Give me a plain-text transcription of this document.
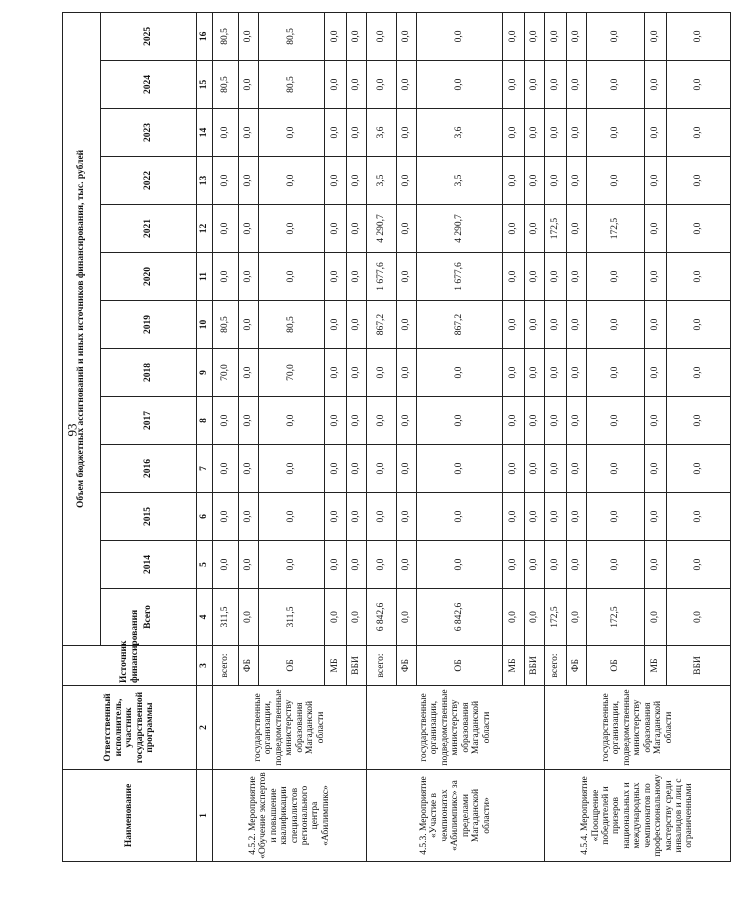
93
Наименование	Ответственный исполнитель, участник государственной программы	Источник финансирования	Объем бюджетных ассигнований и иных источников финансирования, тыс. рублей												
			Всего	2014	2015	2016	2017	2018	2019	2020	2021	2022	2023	2024	2025
1	2	3	4	5	6	7	8	9	10	11	12	13	14	15	16
4.5.2. Мероприятие «Обучение экспертов и повышение квалификации специалистов регионального центра «Абилимпикс»	государственные организации, подведомственные министерству образования Магаданской области	всего:	311,5	0,0	0,0	0,0	0,0	70,0	80,5	0,0	0,0	0,0	0,0	80,5	80,5
		ФБ	0,0	0,0	0,0	0,0	0,0	0,0	0,0	0,0	0,0	0,0	0,0	0,0	0,0
		ОБ	311,5	0,0	0,0	0,0	0,0	70,0	80,5	0,0	0,0	0,0	0,0	80,5	80,5
		МБ	0,0	0,0	0,0	0,0	0,0	0,0	0,0	0,0	0,0	0,0	0,0	0,0	0,0
		ВБИ	0,0	0,0	0,0	0,0	0,0	0,0	0,0	0,0	0,0	0,0	0,0	0,0	0,0
4.5.3. Мероприятие «Участие в чемпионатах «Абилимпикс» за пределами Магаданской области»	государственные организации, подведомственные министерству образования Магаданской области	всего:	6 842,6	0,0	0,0	0,0	0,0	0,0	867,2	1 677,6	4 290,7	3,5	3,6	0,0	0,0
		ФБ	0,0	0,0	0,0	0,0	0,0	0,0	0,0	0,0	0,0	0,0	0,0	0,0	0,0
		ОБ	6 842,6	0,0	0,0	0,0	0,0	0,0	867,2	1 677,6	4 290,7	3,5	3,6	0,0	0,0
		МБ	0,0	0,0	0,0	0,0	0,0	0,0	0,0	0,0	0,0	0,0	0,0	0,0	0,0
		ВБИ	0,0	0,0	0,0	0,0	0,0	0,0	0,0	0,0	0,0	0,0	0,0	0,0	0,0
4.5.4. Мероприятие «Поощрение победителей и призеров национальных и международных чемпионатов по профессиональному мастерству среди инвалидов и лиц с ограниченными	государственные организации, подведомственные министерству образования Магаданской области	всего:	172,5	0,0	0,0	0,0	0,0	0,0	0,0	0,0	172,5	0,0	0,0	0,0	0,0
		ФБ	0,0	0,0	0,0	0,0	0,0	0,0	0,0	0,0	0,0	0,0	0,0	0,0	0,0
		ОБ	172,5	0,0	0,0	0,0	0,0	0,0	0,0	0,0	172,5	0,0	0,0	0,0	0,0
		МБ	0,0	0,0	0,0	0,0	0,0	0,0	0,0	0,0	0,0	0,0	0,0	0,0	0,0
		ВБИ	0,0	0,0	0,0	0,0	0,0	0,0	0,0	0,0	0,0	0,0	0,0	0,0	0,0
